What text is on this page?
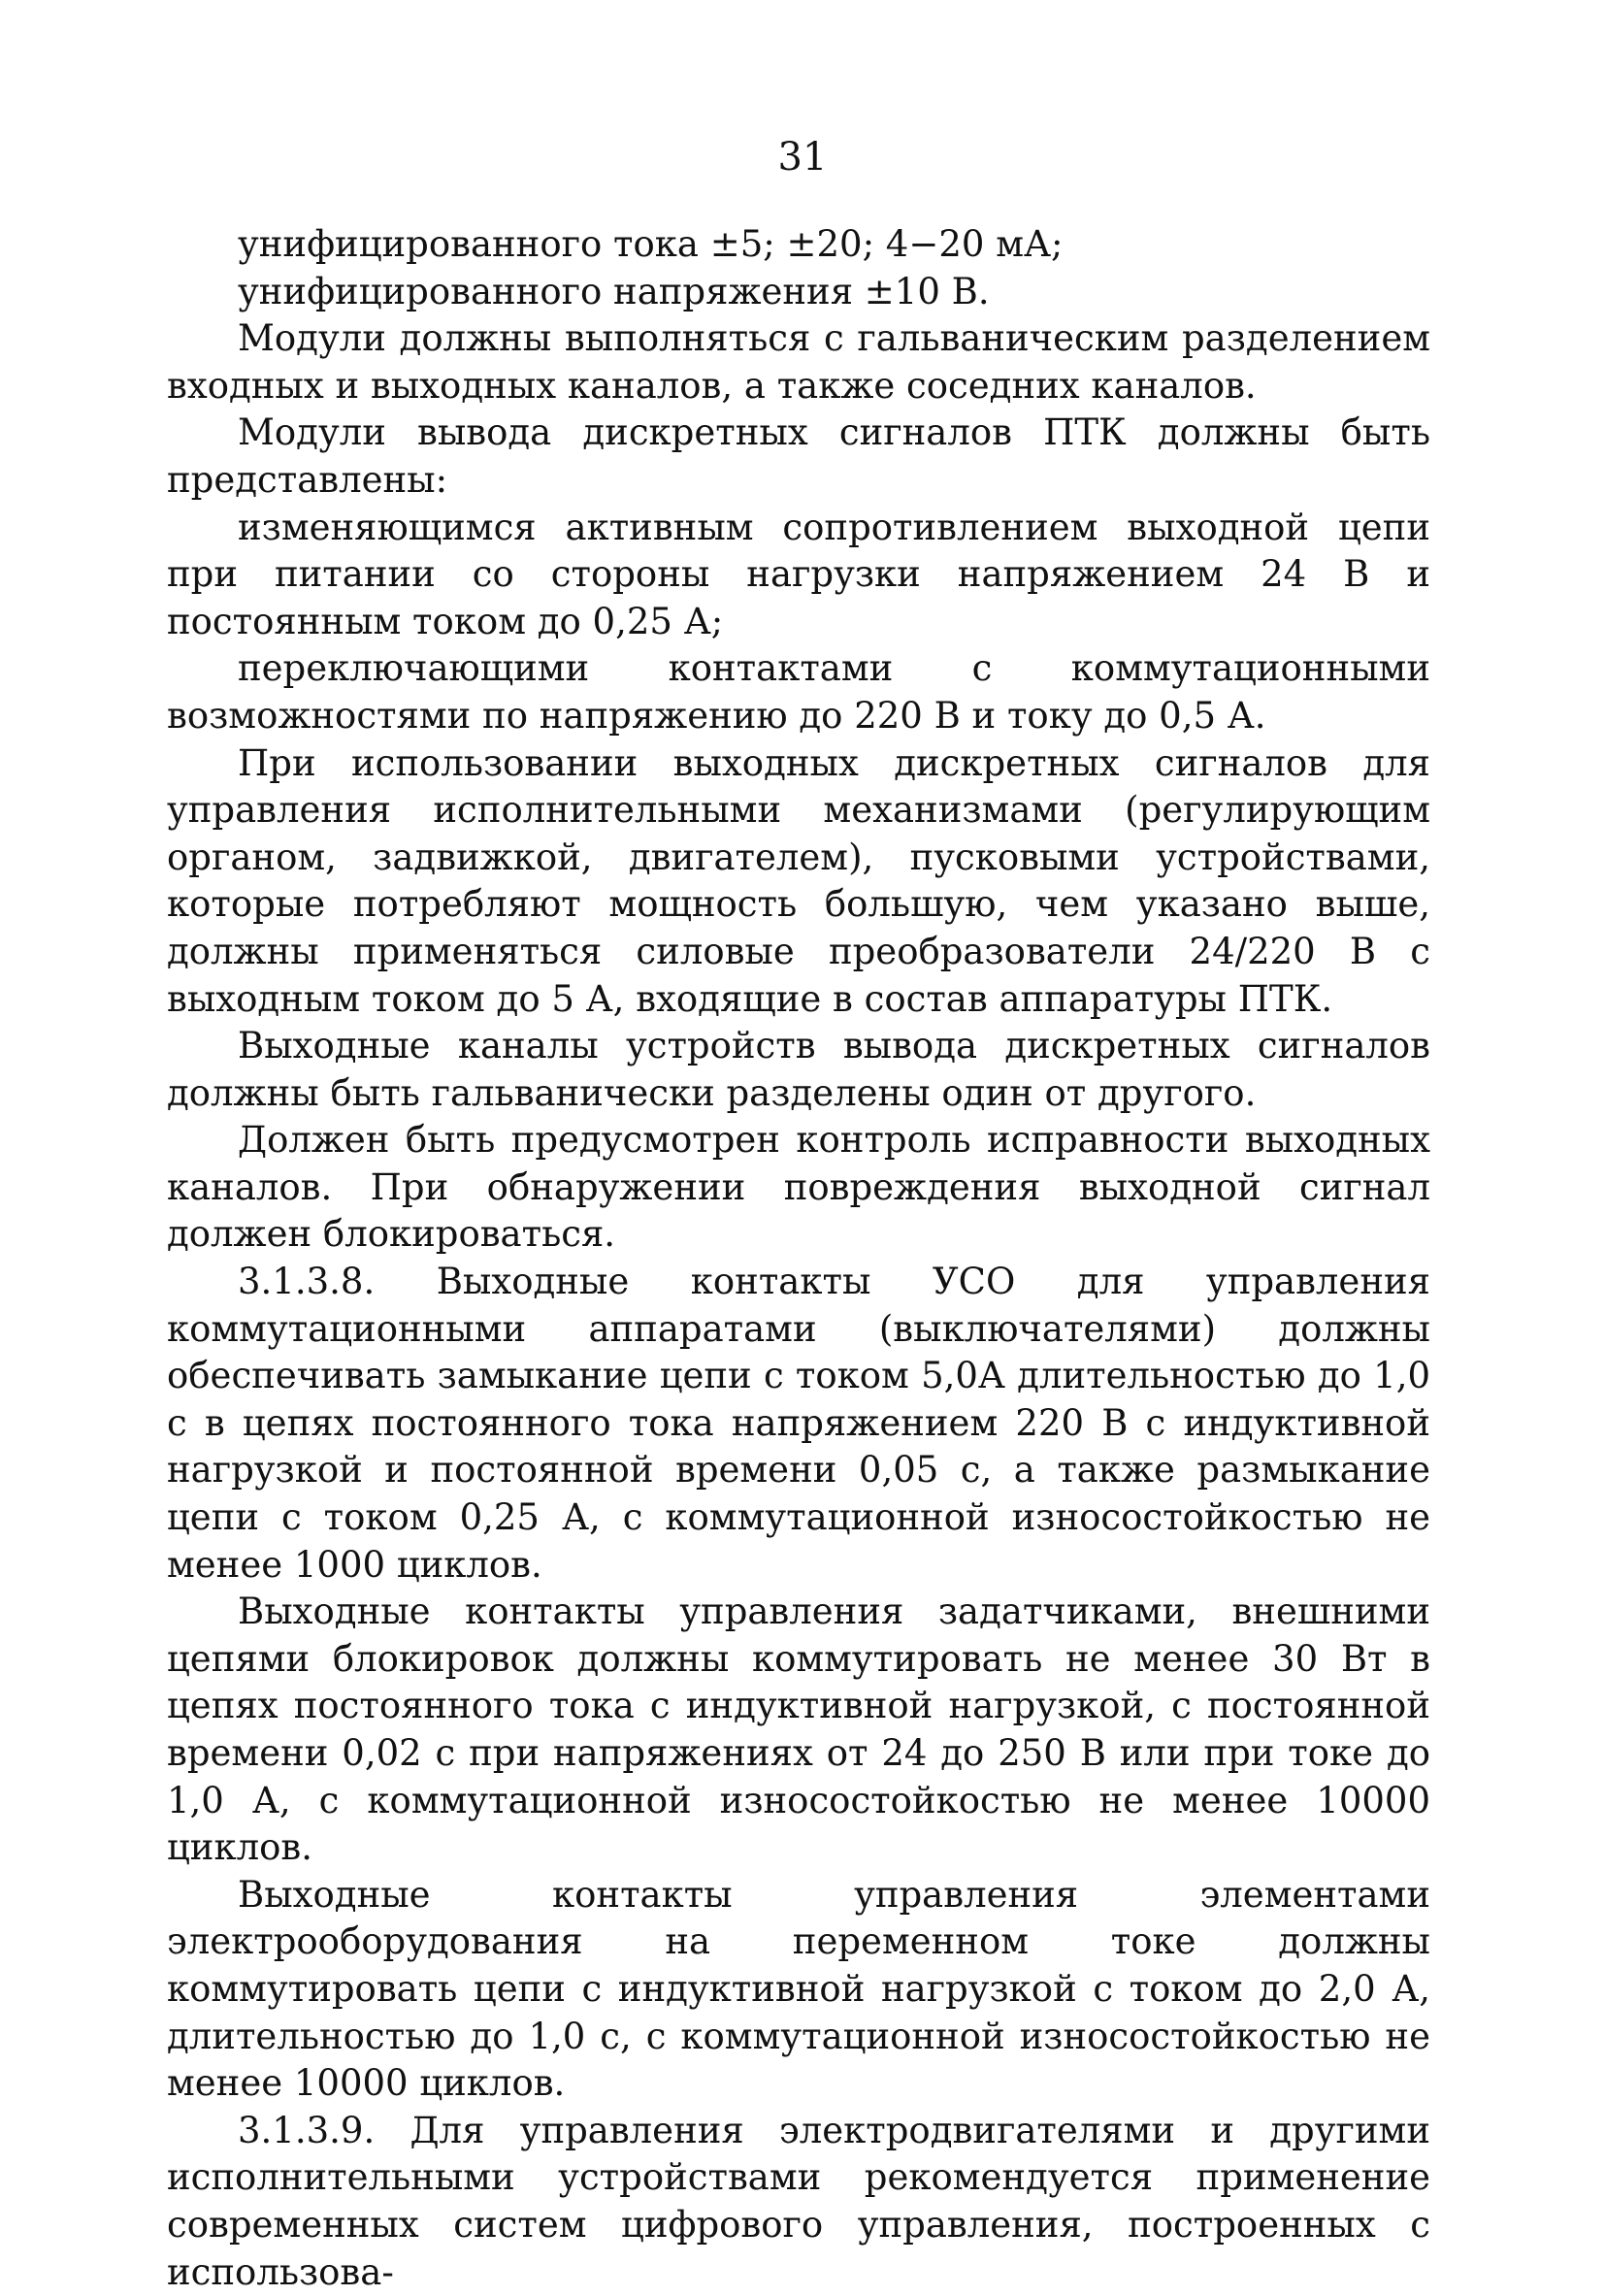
31

унифицированного тока ±5; ±20; 4−20 мА;

унифицированного напряжения ±10 В.

Модули должны выполняться с гальваническим разделением входных и выходных каналов, а также соседних каналов.

Модули вывода дискретных сигналов ПТК должны быть представлены:

изменяющимся активным сопротивлением выходной цепи при питании со стороны нагрузки напряжением 24 В и постоянным током до 0,25 А;

переключающими контактами с коммутационными возможностями по напряжению до 220 В и току до 0,5 А.

При использовании выходных дискретных сигналов для управления исполнительными механизмами (регулирующим органом, задвижкой, двигателем), пусковыми устройствами, которые потребляют мощность большую, чем указано выше, должны применяться силовые преобразователи 24/220 В с выходным током до 5 А, входящие в состав аппаратуры ПТК.

Выходные каналы устройств вывода дискретных сигналов должны быть гальванически разделены один от другого.

Должен быть предусмотрен контроль исправности выходных каналов. При обнаружении повреждения выходной сигнал должен блокироваться.

3.1.3.8. Выходные контакты УСО для управления коммутационными аппаратами (выключателями) должны обеспечивать замыкание цепи с током 5,0А длительностью до 1,0 с в цепях постоянного тока напряжением 220 В с индуктивной нагрузкой и постоянной времени 0,05 с, а также размыкание цепи с током 0,25 А, с коммутационной износостойкостью не менее 1000 циклов.

Выходные контакты управления задатчиками, внешними цепями блокировок должны коммутировать не менее 30 Вт в цепях постоянного тока с индуктивной нагрузкой, с постоянной времени 0,02 с при напряжениях от 24 до 250 В или при токе до 1,0 А, с коммутационной износостойкостью не менее 10000 циклов.

Выходные контакты управления элементами электрооборудования на переменном токе должны коммутировать цепи с индуктивной нагрузкой с током до 2,0 А, длительностью до 1,0 с, с коммутационной износостойкостью не менее 10000 циклов.

3.1.3.9. Для управления электродвигателями и другими исполнительными устройствами рекомендуется применение современных систем цифрового управления, построенных с использова-
